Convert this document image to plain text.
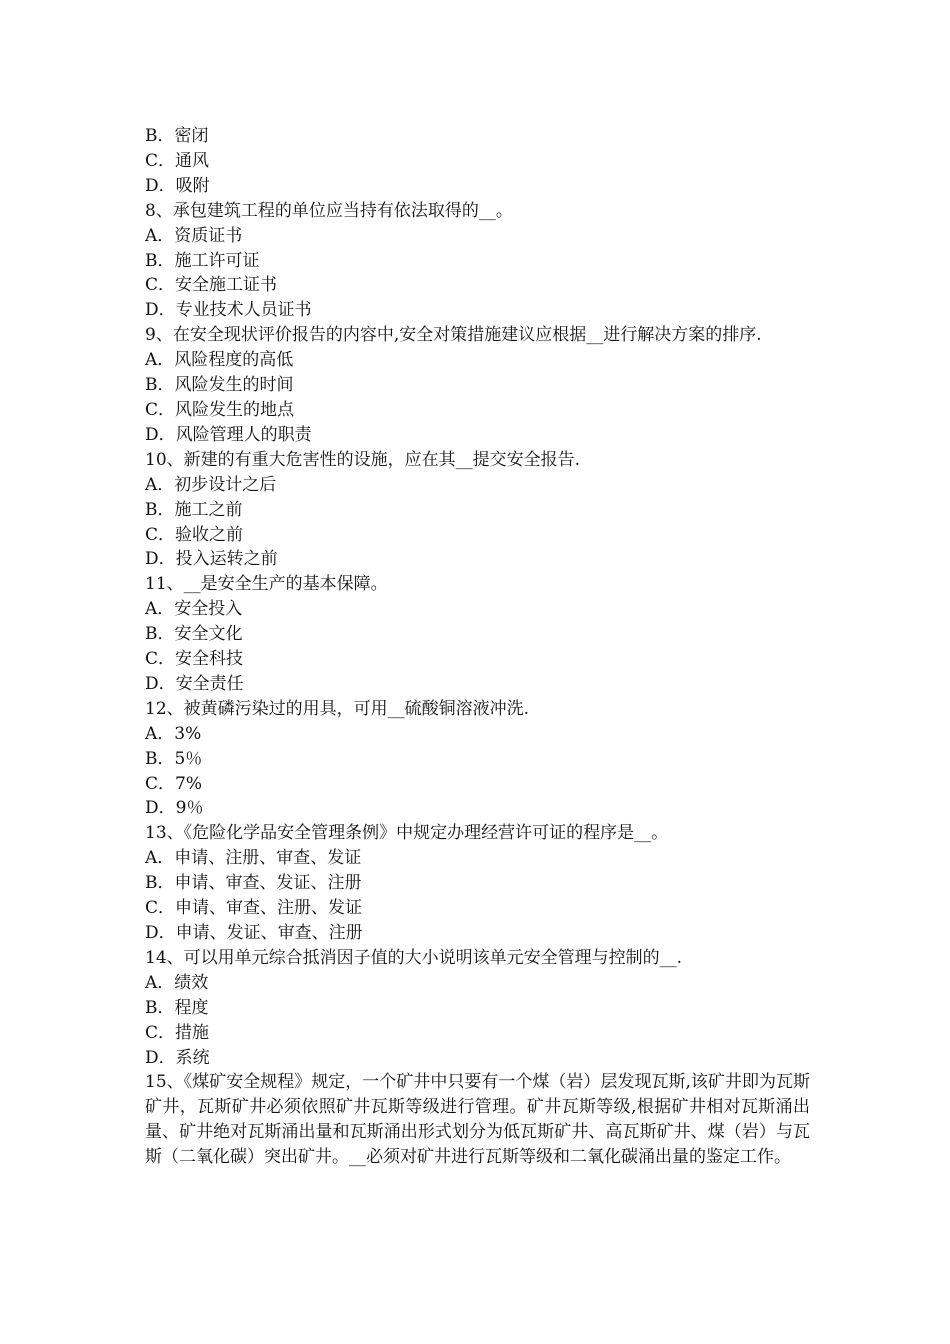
B．密闭

C．通风

D．吸附

8、承包建筑工程的单位应当持有依法取得的__。

A．资质证书

B．施工许可证

C．安全施工证书

D．专业技术人员证书

9、在安全现状评价报告的内容中,安全对策措施建议应根据__进行解决方案的排序.

A．风险程度的高低

B．风险发生的时间

C．风险发生的地点

D．风险管理人的职责

10、新建的有重大危害性的设施，应在其__提交安全报告.

A．初步设计之后

B．施工之前

C．验收之前

D．投入运转之前

11、__是安全生产的基本保障。

A．安全投入

B．安全文化

C．安全科技

D．安全责任

12、被黄磷污染过的用具，可用__硫酸铜溶液冲洗.

A．3%

B．5％

C．7%

D．9％

13、《危险化学品安全管理条例》中规定办理经营许可证的程序是__。

A．申请、注册、审查、发证

B．申请、审查、发证、注册

C．申请、审查、注册、发证

D．申请、发证、审查、注册

14、可以用单元综合抵消因子值的大小说明该单元安全管理与控制的__.

A．绩效

B．程度

C．措施

D．系统

15、《煤矿安全规程》规定，一个矿井中只要有一个煤（岩）层发现瓦斯,该矿井即为瓦斯矿井，瓦斯矿井必须依照矿井瓦斯等级进行管理。矿井瓦斯等级,根据矿井相对瓦斯涌出量、矿井绝对瓦斯涌出量和瓦斯涌出形式划分为低瓦斯矿井、高瓦斯矿井、煤（岩）与瓦斯（二氧化碳）突出矿井。__必须对矿井进行瓦斯等级和二氧化碳涌出量的鉴定工作。
